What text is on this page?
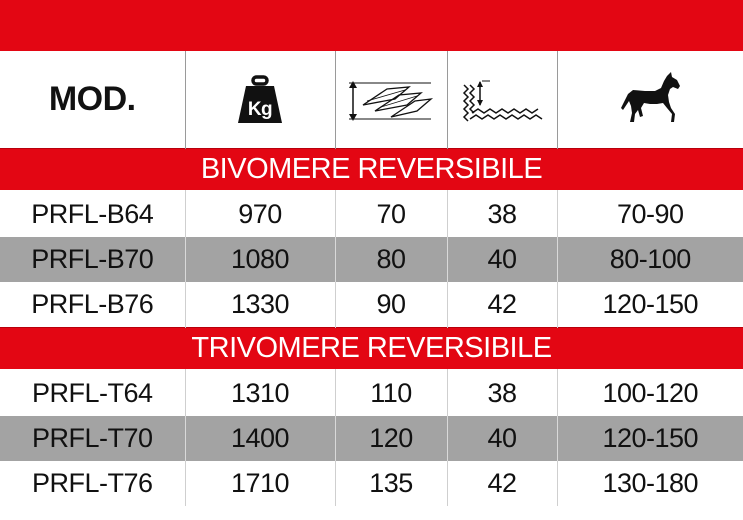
MOD.	Kg

BIVOMERE REVERSIBILE				
PRFL-B64	970	70	38	70-90
PRFL-B70	1080	80	40	80-100
PRFL-B76	1330	90	42	120-150
TRIVOMERE REVERSIBILE				
PRFL-T64	1310	110	38	100-120
PRFL-T70	1400	120	40	120-150
PRFL-T76	1710	135	42	130-180
